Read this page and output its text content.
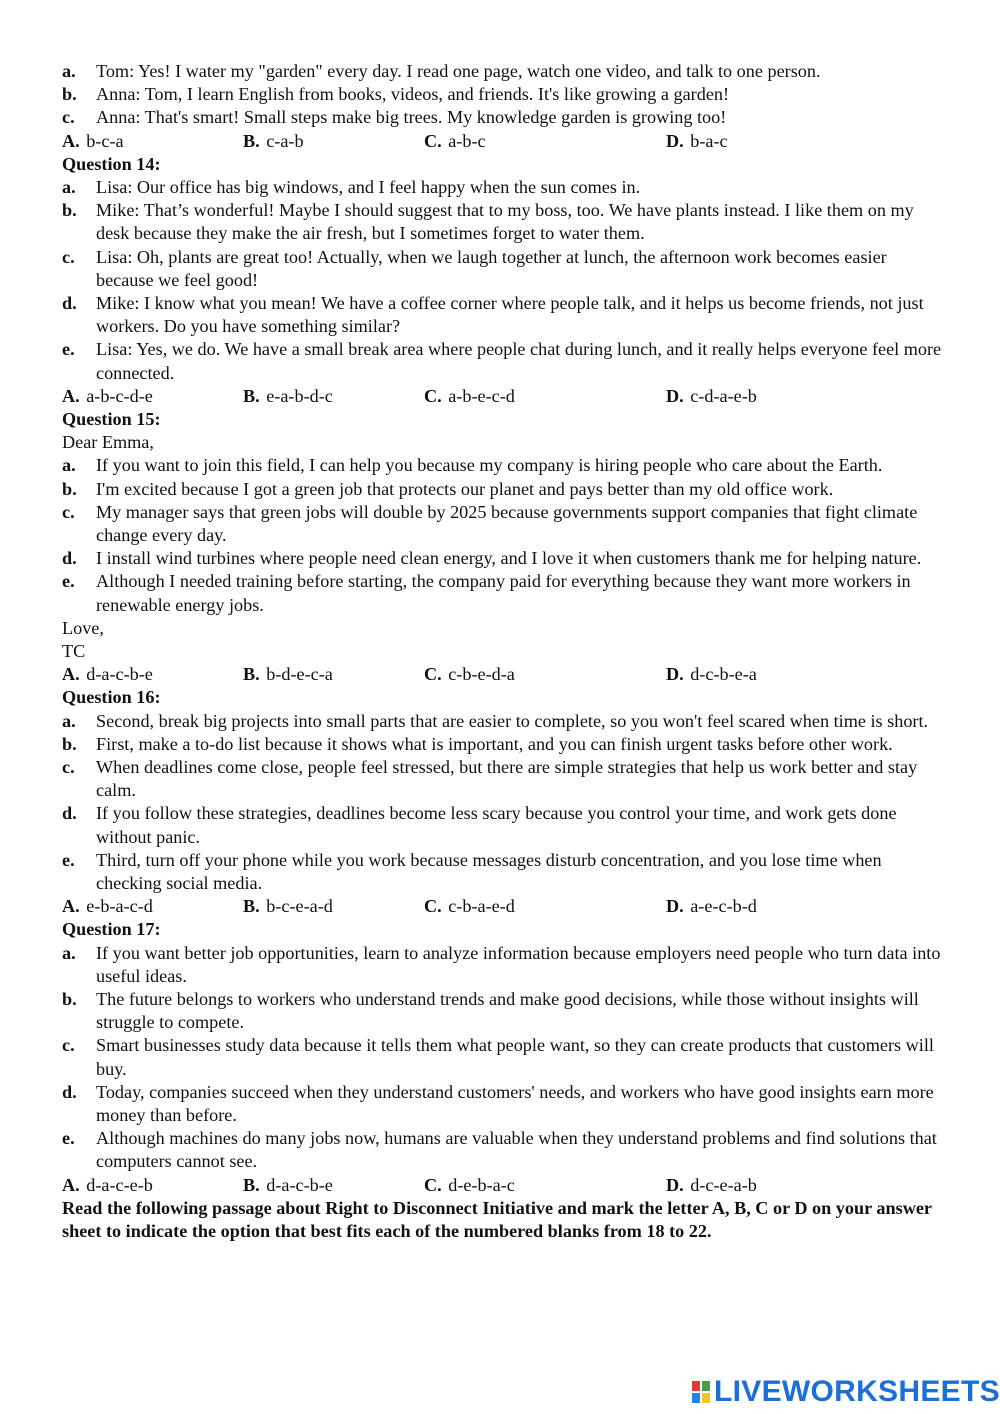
a.	Tom: Yes! I water my "garden" every day. I read one page, watch one video, and talk to one person.
b.	Anna: Tom, I learn English from books, videos, and friends. It's like growing a garden!
c.	Anna: That's smart! Small steps make big trees. My knowledge garden is growing too!
A. b-c-a	B. c-a-b	C. a-b-c	D. b-a-c
Question 14:
a.	Lisa: Our office has big windows, and I feel happy when the sun comes in.
b.	Mike: That’s wonderful! Maybe I should suggest that to my boss, too. We have plants instead. I like them on my desk because they make the air fresh, but I sometimes forget to water them.
c.	Lisa: Oh, plants are great too! Actually, when we laugh together at lunch, the afternoon work becomes easier because we feel good!
d.	Mike: I know what you mean! We have a coffee corner where people talk, and it helps us become friends, not just workers. Do you have something similar?
e.	Lisa: Yes, we do. We have a small break area where people chat during lunch, and it really helps everyone feel more connected.
A. a-b-c-d-e	B. e-a-b-d-c	C. a-b-e-c-d	D. c-d-a-e-b
Question 15:
Dear Emma,
a.	If you want to join this field, I can help you because my company is hiring people who care about the Earth.
b.	I'm excited because I got a green job that protects our planet and pays better than my old office work.
c.	My manager says that green jobs will double by 2025 because governments support companies that fight climate change every day.
d.	I install wind turbines where people need clean energy, and I love it when customers thank me for helping nature.
e.	Although I needed training before starting, the company paid for everything because they want more workers in renewable energy jobs.
Love,
TC
A. d-a-c-b-e	B. b-d-e-c-a	C. c-b-e-d-a	D. d-c-b-e-a
Question 16:
a.	Second, break big projects into small parts that are easier to complete, so you won't feel scared when time is short.
b.	First, make a to-do list because it shows what is important, and you can finish urgent tasks before other work.
c.	When deadlines come close, people feel stressed, but there are simple strategies that help us work better and stay calm.
d.	If you follow these strategies, deadlines become less scary because you control your time, and work gets done without panic.
e.	Third, turn off your phone while you work because messages disturb concentration, and you lose time when checking social media.
A. e-b-a-c-d	B. b-c-e-a-d	C. c-b-a-e-d	D. a-e-c-b-d
Question 17:
a.	If you want better job opportunities, learn to analyze information because employers need people who turn data into useful ideas.
b.	The future belongs to workers who understand trends and make good decisions, while those without insights will struggle to compete.
c.	Smart businesses study data because it tells them what people want, so they can create products that customers will buy.
d.	Today, companies succeed when they understand customers' needs, and workers who have good insights earn more money than before.
e.	Although machines do many jobs now, humans are valuable when they understand problems and find solutions that computers cannot see.
A. d-a-c-e-b	B. d-a-c-b-e	C. d-e-b-a-c	D. d-c-e-a-b
Read the following passage about Right to Disconnect Initiative and mark the letter A, B, C or D on your answer sheet to indicate the option that best fits each of the numbered blanks from 18 to 22.
LIVEWORKSHEETS
